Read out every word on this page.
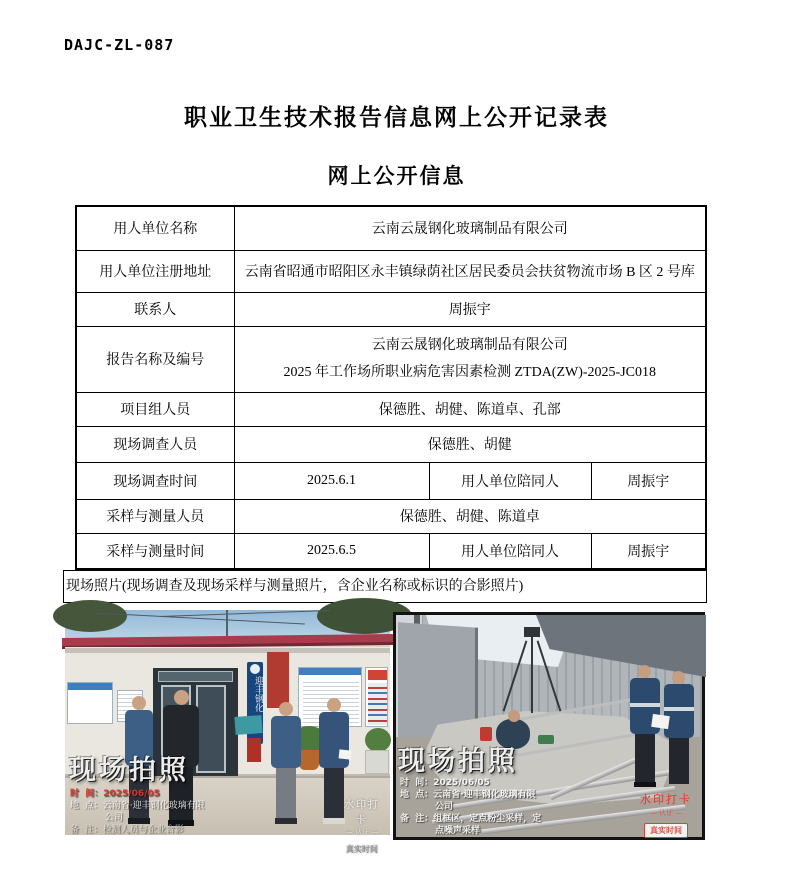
DAJC-ZL-087
职业卫生技术报告信息网上公开记录表
网上公开信息
用人单位名称	云南云晟钢化玻璃制品有限公司		
用人单位注册地址	云南省昭通市昭阳区永丰镇绿荫社区居民委员会扶贫物流市场 B 区 2 号库		
联系人	周振宇		
报告名称及编号	云南云晟钢化玻璃制品有限公司
2025 年工作场所职业病危害因素检测 ZTDA(ZW)-2025-JC018		

项目组人员	保德胜、胡健、陈道卓、孔部		
现场调查人员	保德胜、胡健		
现场调查时间	2025.6.1	用人单位陪同人	周振宇
采样与测量人员	保德胜、胡健、陈道卓		
采样与测量时间	2025.6.5	用人单位陪同人	周振宇
现场照片(现场调查及现场采样与测量照片，含企业名称或标识的合影照片)
迎丰钢化
现场拍照
时  间：2025/06/05
地  点：云南省·迎丰钢化玻璃有限
公司
备  注：检测人员与企业合影
水印打卡
— 认证 —
真实时间
现场拍照
时  间：2025/06/05
地  点：云南省·迎丰钢化玻璃有限
公司
备  注：组框区，定点粉尘采样，定
点噪声采样
水印打卡
— 认证 —
真实时间
